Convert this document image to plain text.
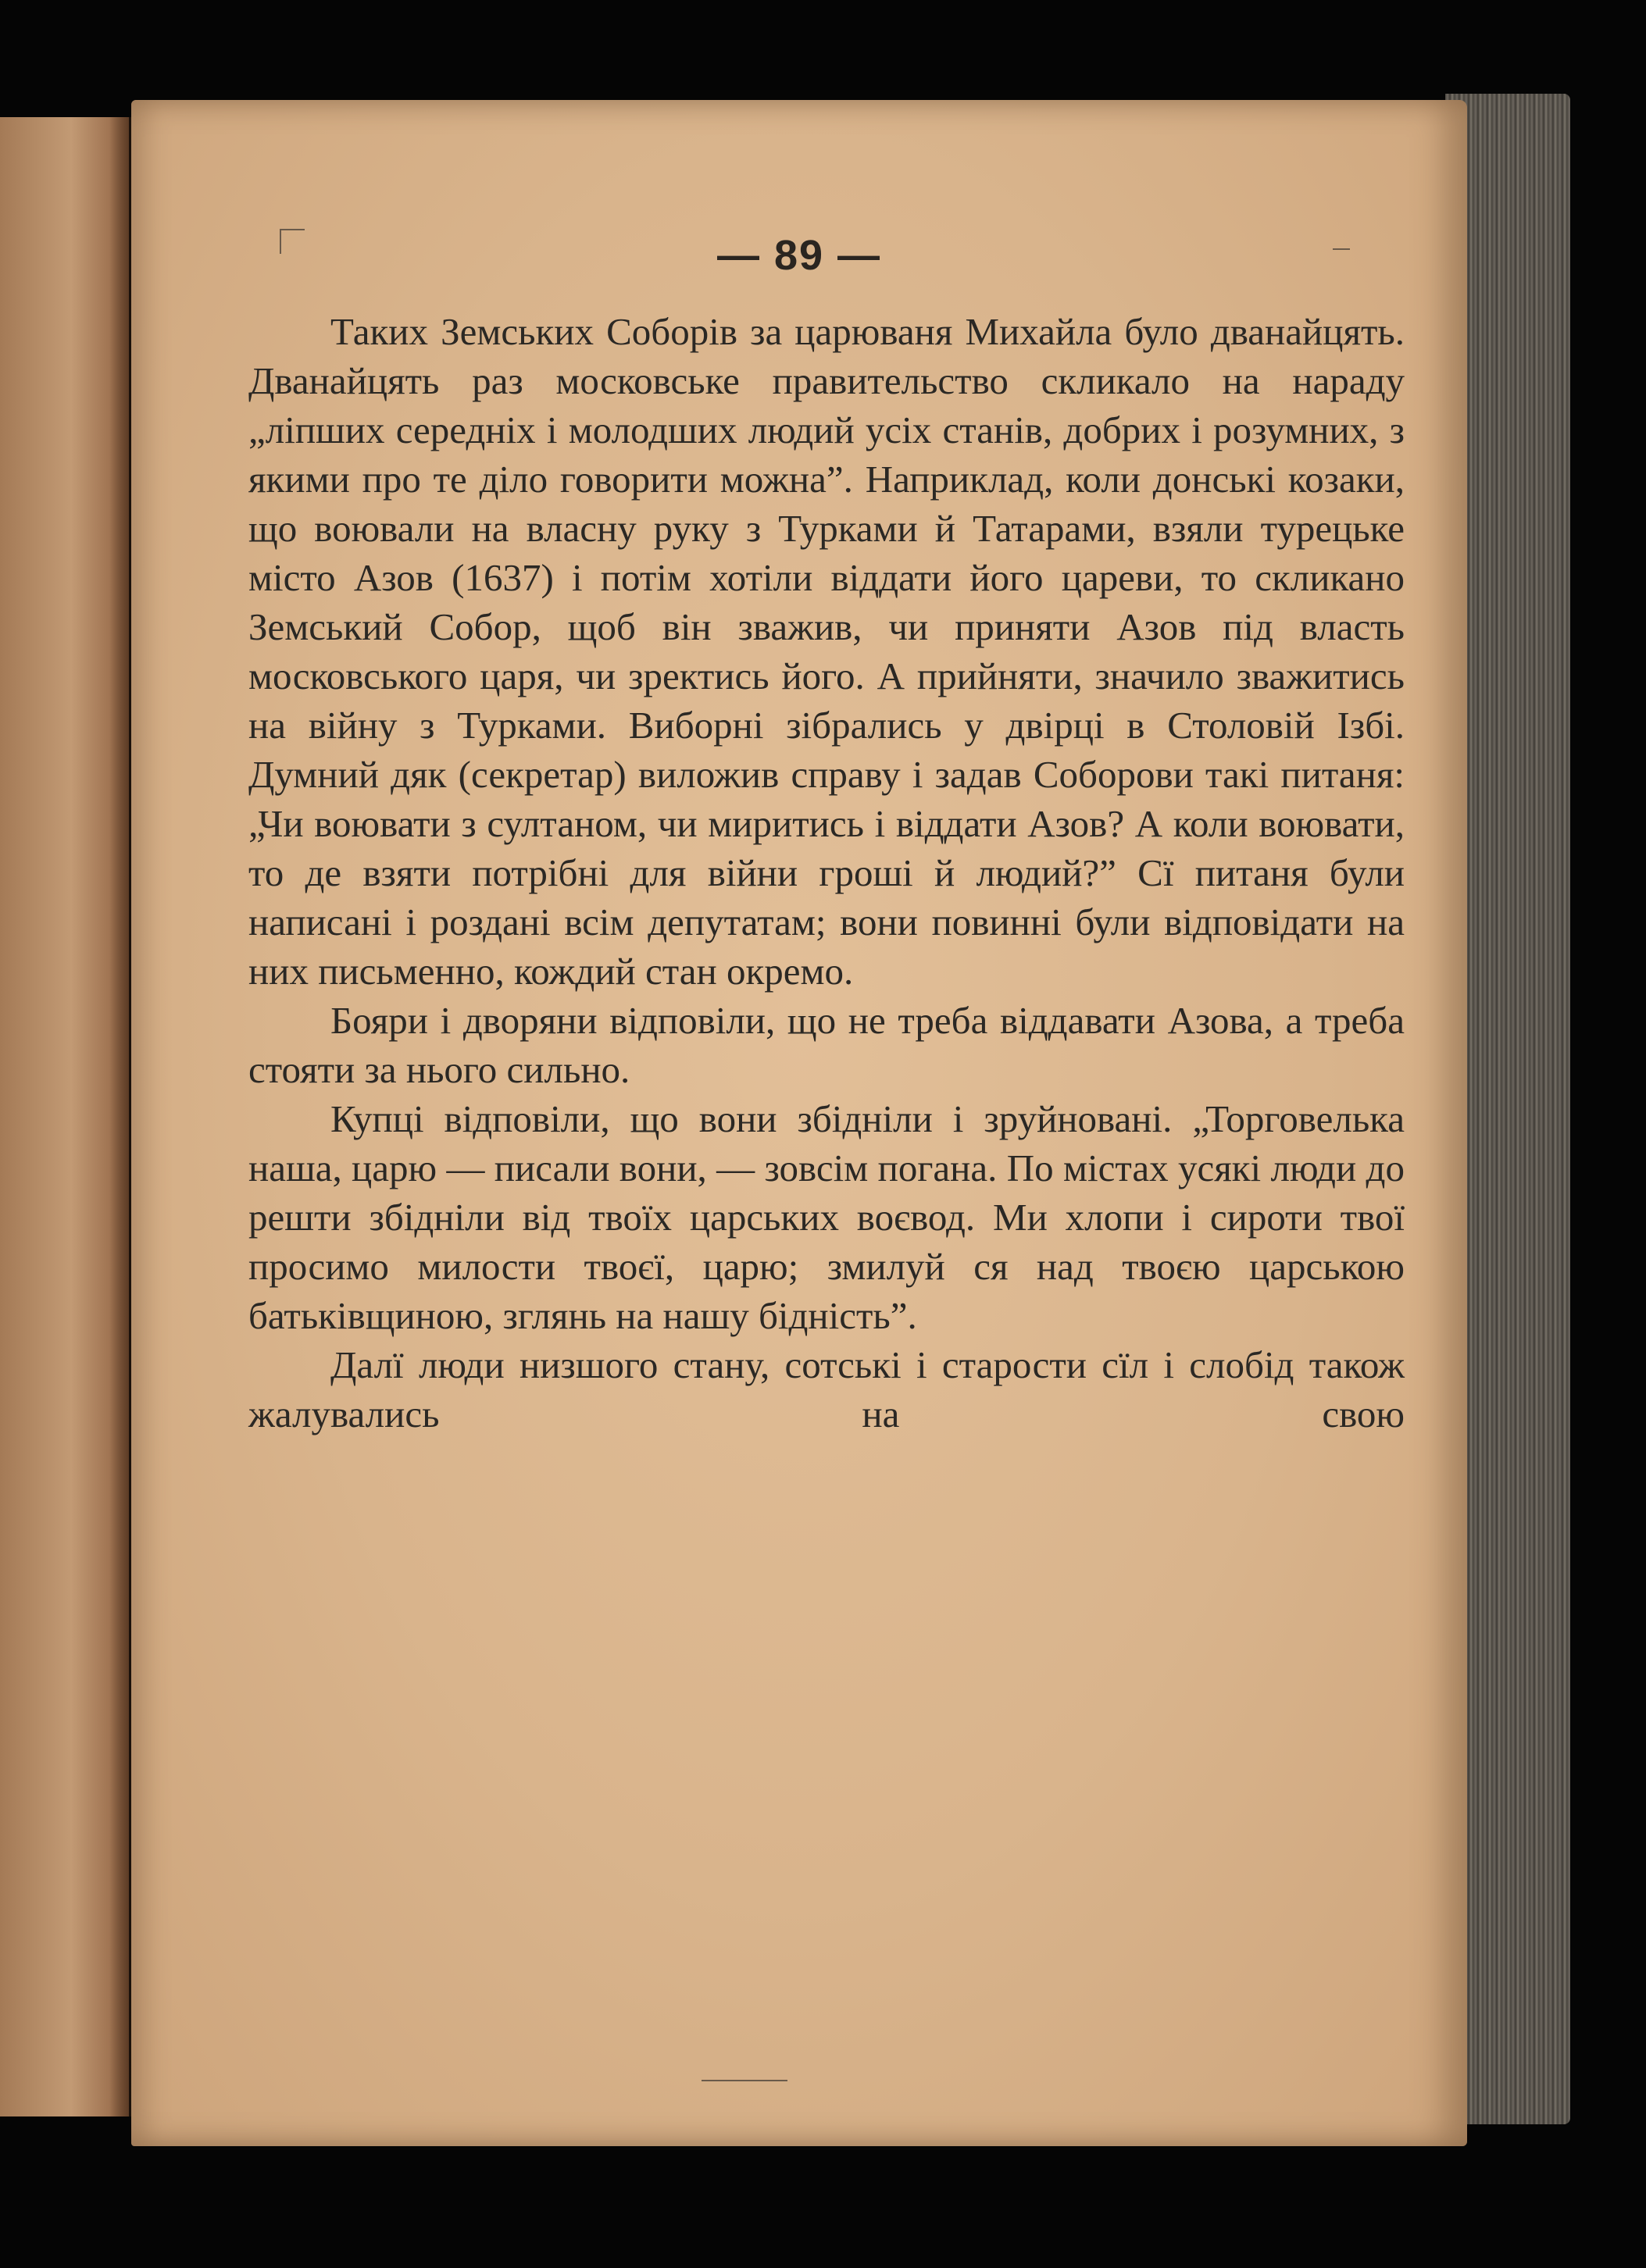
— 89 —

Таких Земських Соборів за царюваня Михайла було дванайцять. Дванайцять раз московське правительство скликало на нараду „ліпших середніх і молодших людий усіх станів, добрих і розумних, з якими про те діло говорити можна”. Наприклад, коли донські козаки, що воювали на власну руку з Турками й Татарами, взяли турецьке місто Азов (1637) і потім хотіли віддати його цареви, то скликано Земський Собор, щоб він зважив, чи приняти Азов під власть московського царя, чи зректись його. А прийняти, значило зважитись на війну з Турками. Виборні зібрались у двірці в Столовій Ізбі. Думний дяк (секретар) виложив справу і задав Соборови такі питаня: „Чи воювати з султаном, чи миритись і віддати Азов? А коли воювати, то де взяти потрібні для війни гроші й людий?” Сї питаня були написані і роздані всім депутатам; вони повинні були відповідати на них письменно, кождий стан окремо.

Бояри і дворяни відповіли, що не треба віддавати Азова, а треба стояти за нього сильно.

Купці відповіли, що вони збідніли і зруйновані. „Торговелька наша, царю — писали вони, — зовсім погана. По містах усякі люди до решти збідніли від твоїх царських воєвод. Ми хлопи і сироти твої просимо милости твоєї, царю; змилуй ся над твоєю царською батьківщиною, зглянь на нашу бідність”.

Далї люди низшого стану, сотські і старости сїл і слобід також жалувались на свою
